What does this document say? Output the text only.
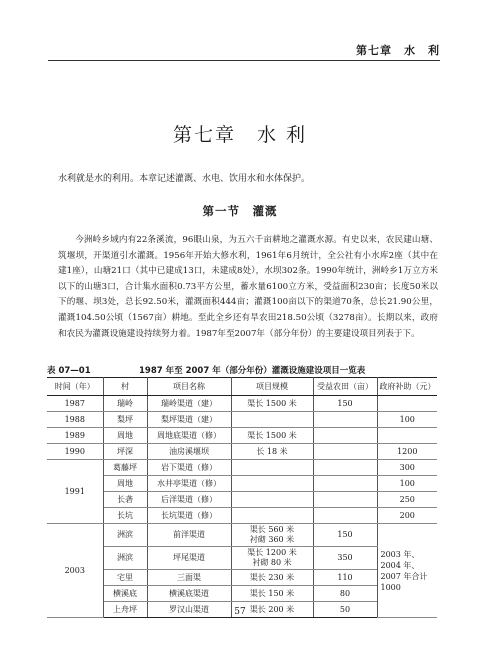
第七章　水　利
第七章　水 利
水利就是水的利用。本章记述灌溉、水电、饮用水和水体保护。
第一节　灌溉
今洲岭乡域内有22条溪流，96眼山泉，为五六千亩耕地之灌溉水源。有史以来，农民建山塘、筑堰坝，开渠道引水灌溉。1956年开始大修水利，1961年6月统计，全公社有小水库2座（其中在建1座），山塘21口（其中已建成13口，未建成8处），水坝302条。1990年统计，洲岭乡1万立方米以下的山塘3口，合计集水面积0.73平方公里，蓄水量6100立方米，受益面积230亩；长度50米以下的堰、坝3处，总长92.50米，灌溉面积444亩；灌溉100亩以下的渠道70条，总长21.90公里，灌溉104.50公顷（1567亩）耕地。至此全乡还有旱农田218.50公顷（3278亩）。长期以来，政府和农民为灌溉设施建设持续努力着。1987年至2007年（部分年份）的主要建设项目列表于下。
表 07—01	1987 年至 2007 年（部分年份）灌溉设施建设项目一览表
时间（年）	村	项目名称	项目规模	受益农田（亩）	政府补助（元）
1987	瑞岭	瑞岭渠道（建）	渠长 1500 米	150	
1988	梨坪	梨坪渠道（建）			100
1989	周地	周地底渠道（修）	渠长 1500 米		
1990	坪深	油房溪堰坝	长 18 米		1200
1991	葛藤坪	岩下渠道（修）			300
	周地	水井亭渠道（修）			100
	长砻	后洋渠道（修）			250
	长坑	长坑渠道（修）			200
2003	洲滨	前洋渠道	渠长 560 米
衬砌 360 米	150	2003 年、2004 年、2007 年合计 1000
	洲滨	坪尾渠道	渠长 1200 米
衬砌 80 米	350	
	宅里	三面渠	渠长 230 米	110	
	横溪底	横溪底渠道	渠长 150 米	80	
	上舟坪	罗汉山渠道	渠长 200 米	50	
57
